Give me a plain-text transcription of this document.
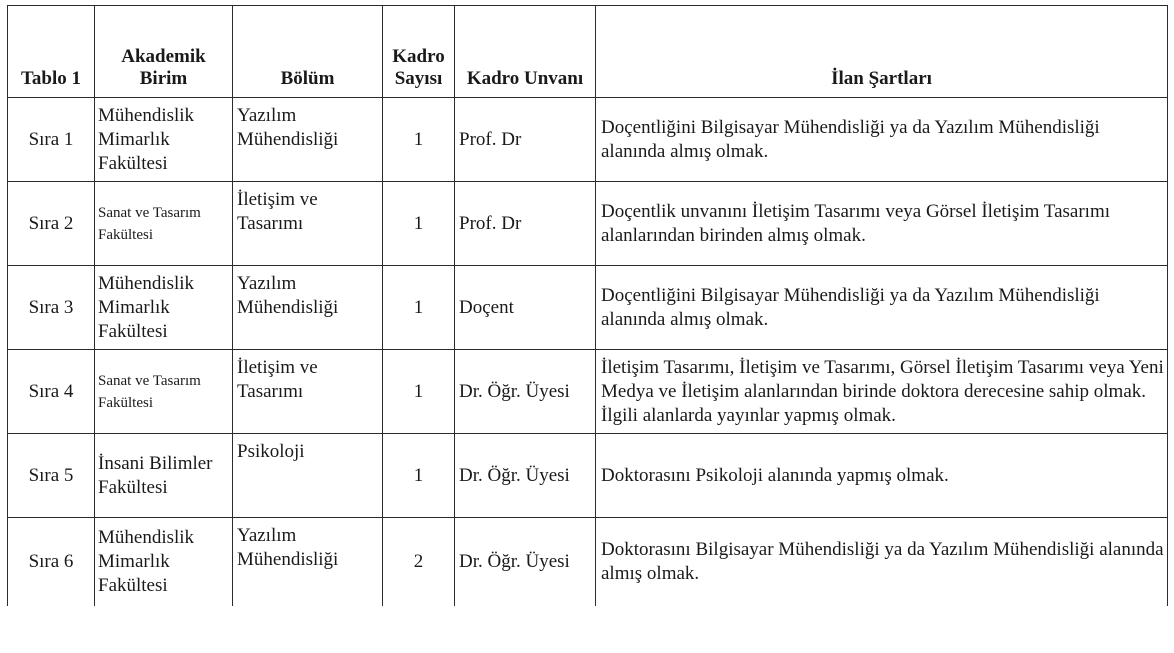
Tablo 1	Akademik Birim	Bölüm	Kadro Sayısı	Kadro Unvanı	İlan Şartları
Sıra 1	Mühendislik Mimarlık Fakültesi	Yazılım Mühendisliği	1	Prof. Dr	Doçentliğini Bilgisayar Mühendisliği ya da Yazılım Mühendisliği alanında almış olmak.
Sıra 2	Sanat ve Tasarım Fakültesi	İletişim ve Tasarımı	1	Prof. Dr	Doçentlik unvanını İletişim Tasarımı veya Görsel İletişim Tasarımı alanlarından birinden almış olmak.
Sıra 3	Mühendislik Mimarlık Fakültesi	Yazılım Mühendisliği	1	Doçent	Doçentliğini Bilgisayar Mühendisliği ya da Yazılım Mühendisliği alanında almış olmak.
Sıra 4	Sanat ve Tasarım Fakültesi	İletişim ve Tasarımı	1	Dr. Öğr. Üyesi	İletişim Tasarımı, İletişim ve Tasarımı, Görsel İletişim Tasarımı veya Yeni Medya ve İletişim alanlarından birinde doktora derecesine sahip olmak. İlgili alanlarda yayınlar yapmış olmak.
Sıra 5	İnsani Bilimler Fakültesi	Psikoloji	1	Dr. Öğr. Üyesi	Doktorasını Psikoloji alanında yapmış olmak.
Sıra 6	Mühendislik Mimarlık Fakültesi	Yazılım Mühendisliği	2	Dr. Öğr. Üyesi	Doktorasını Bilgisayar Mühendisliği ya da Yazılım Mühendisliği alanında almış olmak.
